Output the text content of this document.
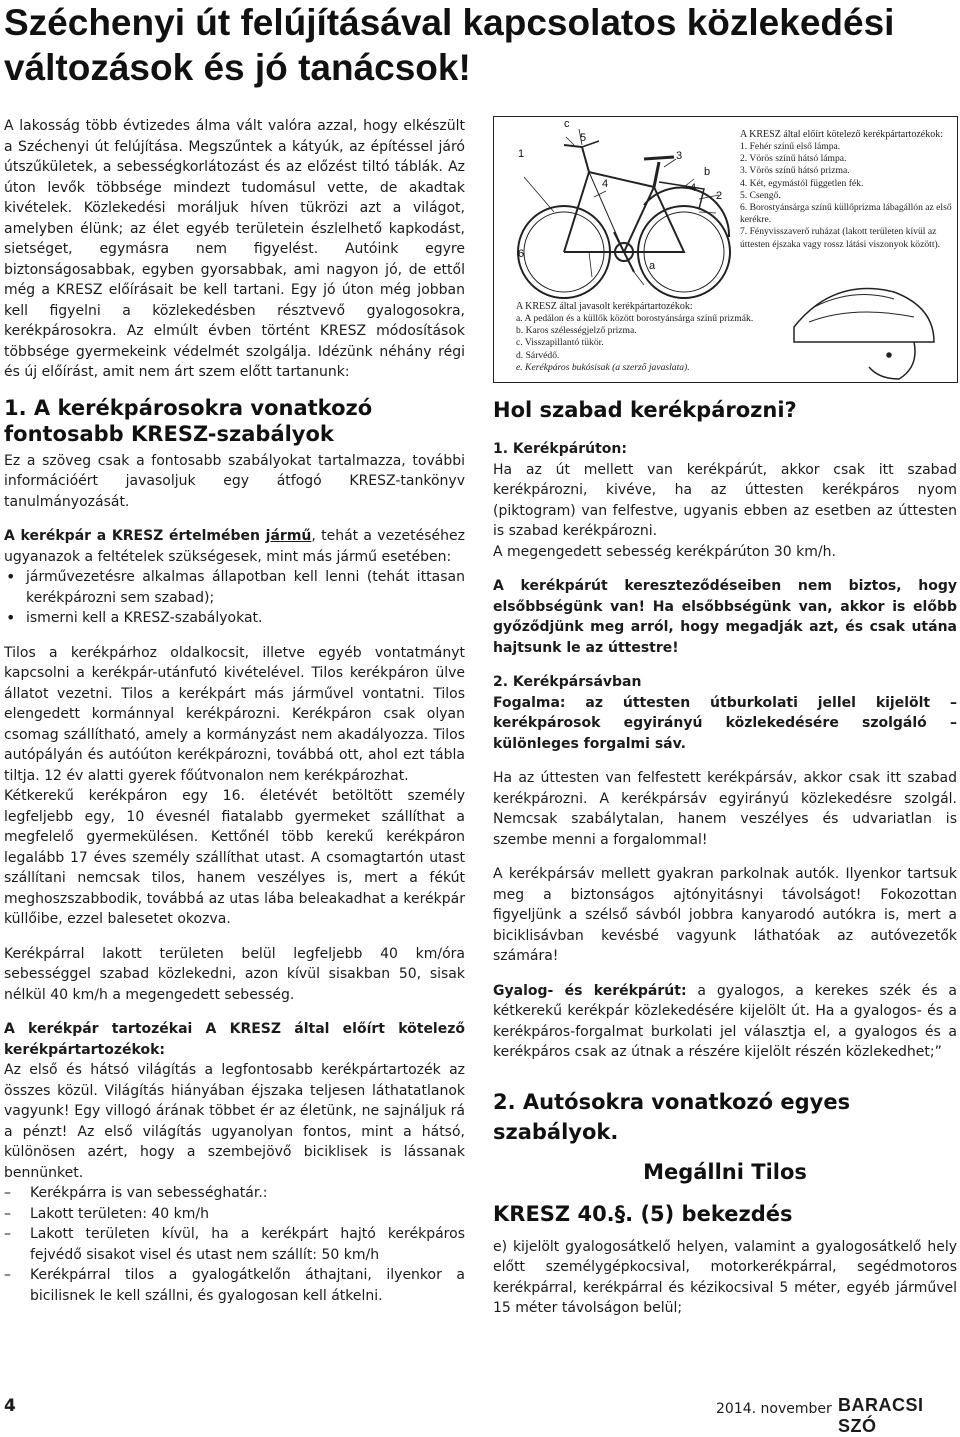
Széchenyi út felújításával kapcsolatos közlekedési változások és jó tanácsok!

A lakosság több évtizedes álma vált valóra azzal, hogy elkészült a Széchenyi út felújítása. Megszűntek a kátyúk, az építéssel járó útszűkületek, a sebességkorlátozást és az előzést tiltó táblák. Az úton levők többsége mindezt tudomásul vette, de akadtak kivételek. Közlekedési moráljuk híven tükrözi azt a világot, amelyben élünk; az élet egyéb területein észlelhető kapkodást, sietséget, egymásra nem figyelést. Autóink egyre biztonságosabbak, egyben gyorsabbak, ami nagyon jó, de ettől még a KRESZ előírásait be kell tartani. Egy jó úton még jobban kell figyelni a közlekedésben résztvevő gyalogosokra, kerékpárosokra. Az elmúlt évben történt KRESZ módosítások többsége gyermekeink védelmét szolgálja. Idézünk néhány régi és új előírást, amit nem árt szem előtt tartanunk:

1. A kerékpárosokra vonatkozó fontosabb KRESZ-szabályok

Ez a szöveg csak a fontosabb szabályokat tartalmazza, további információért javasoljuk egy átfogó KRESZ-tankönyv tanulmányozását.

A kerékpár a KRESZ értelmében jármű, tehát a vezetéséhez ugyanazok a feltételek szükségesek, mint más jármű esetében:

• járművezetésre alkalmas állapotban kell lenni (tehát ittasan kerékpározni sem szabad);
• ismerni kell a KRESZ-szabályokat.

Tilos a kerékpárhoz oldalkocsit, illetve egyéb vontatmányt kapcsolni a kerékpár-utánfutó kivételével. Tilos kerékpáron ülve állatot vezetni. Tilos a kerékpárt más járművel vontatni. Tilos elengedett kormánnyal kerékpározni. Kerékpáron csak olyan csomag szállítható, amely a kormányzást nem akadályozza. Tilos autópályán és autóúton kerékpározni, továbbá ott, ahol ezt tábla tiltja. 12 év alatti gyerek főútvonalon nem kerékpározhat.

Kétkerekű kerékpáron egy 16. életévét betöltött személy legfeljebb egy, 10 évesnél fiatalabb gyermeket szállíthat a megfelelő gyermekülésen. Kettőnél több kerekű kerékpáron legalább 17 éves személy szállíthat utast. A csomagtartón utast szállítani nemcsak tilos, hanem veszélyes is, mert a fékút meghoszszabbodik, továbbá az utas lába beleakadhat a kerékpár küllőibe, ezzel balesetet okozva.

Kerékpárral lakott területen belül legfeljebb 40 km/óra sebességgel szabad közlekedni, azon kívül sisakban 50, sisak nélkül 40 km/h a megengedett sebesség.

A kerékpár tartozékai A KRESZ által előírt kötelező kerékpártartozékok:

Az első és hátsó világítás a legfontosabb kerékpártartozék az összes közül. Világítás hiányában éjszaka teljesen láthatatlanok vagyunk! Egy villogó árának többet ér az életünk, ne sajnáljuk rá a pénzt! Az első világítás ugyanolyan fontos, mint a hátsó, különösen azért, hogy a szembejövő biciklisek is lássanak bennünket.

– Kerékpárra is van sebességhatár.:
– Lakott területen: 40 km/h
– Lakott területen kívül, ha a kerékpárt hajtó kerékpáros fejvédő sisakot visel és utast nem szállít: 50 km/h
– Kerékpárral tilos a gyalogátkelőn áthajtani, ilyenkor a bicilisnek le kell szállni, és gyalogosan kell átkelni.
c
5
1	3
4
b
2
6
a
4
A KRESZ által előírt kötelező kerékpártartozékok:
1. Fehér színű első lámpa.
2. Vörös színű hátsó lámpa.
3. Vörös színű hátsó prizma.
4. Két, egymástól független fék.
5. Csengő.
6. Borostyánsárga színű küllőprizma lábagállón az első kerékre.
7. Fényvisszaverő ruházat (lakott területen kívül az úttesten éjszaka vagy rossz látási viszonyok között).
A KRESZ által javasolt kerékpártartozékok:
a. A pedálon és a küllők között borostyánsárga színű prizmák.
b. Karos szélességjelző prizma.
c. Visszapillantó tükör.
d. Sárvédő.
e. Kerékpáros bukósisak (a szerző javaslata).
Hol szabad kerékpározni?

1. Kerékpárúton:

Ha az út mellett van kerékpárút, akkor csak itt szabad kerékpározni, kivéve, ha az úttesten kerékpáros nyom (piktogram) van felfestve, ugyanis ebben az esetben az úttesten is szabad kerékpározni.

A megengedett sebesség kerékpárúton 30 km/h.

A kerékpárút kereszteződéseiben nem biztos, hogy elsőbbségünk van! Ha elsőbbségünk van, akkor is előbb győződjünk meg arról, hogy megadják azt, és csak utána hajtsunk le az úttestre!

2. Kerékpársávban

Fogalma: az úttesten útburkolati jellel kijelölt – kerékpárosok egyirányú közlekedésére szolgáló – különleges forgalmi sáv.

Ha az úttesten van felfestett kerékpársáv, akkor csak itt szabad kerékpározni. A kerékpársáv egyirányú közlekedésre szolgál. Nemcsak szabálytalan, hanem veszélyes és udvariatlan is szembe menni a forgalommal!

A kerékpársáv mellett gyakran parkolnak autók. Ilyenkor tartsuk meg a biztonságos ajtónyitásnyi távolságot! Fokozottan figyeljünk a szélső sávból jobbra kanyarodó autókra is, mert a biciklisávban kevésbé vagyunk láthatóak az autóvezetők számára!

Gyalog- és kerékpárút: a gyalogos, a kerekes szék és a kétkerekű kerékpár közlekedésére kijelölt út. Ha a gyalogos- és a kerékpáros-forgalmat burkolati jel választja el, a gyalogos és a kerékpáros csak az útnak a részére kijelölt részén közlekedhet;”

2. Autósokra vonatkozó egyes szabályok.
Megállni Tilos
KRESZ 40.§. (5) bekezdés

e) kijelölt gyalogosátkelő helyen, valamint a gyalogosátkelő hely előtt személygépkocsival, motorkerékpárral, segédmotoros kerékpárral, kerékpárral és kézikocsival 5 méter, egyéb járművel 15 méter távolságon belül;

4	2014. november BARACSI SZÓ
